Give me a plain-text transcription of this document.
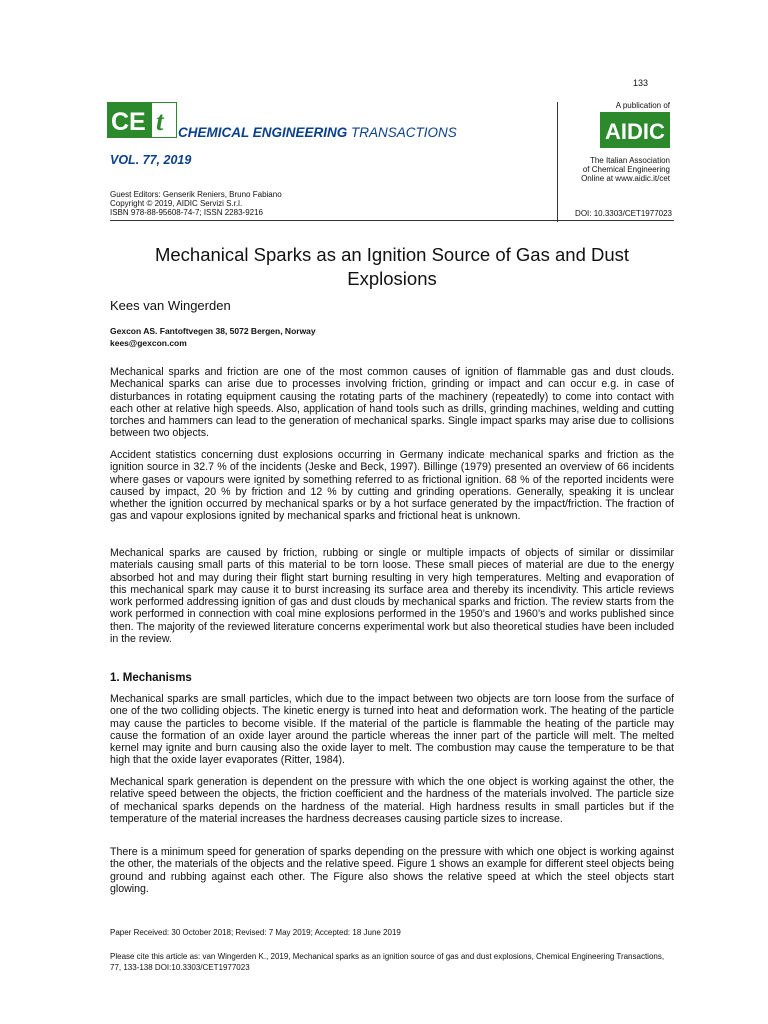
133
CE t CHEMICAL ENGINEERING TRANSACTIONS
VOL. 77, 2019
A publication of
AIDIC
The Italian Association
of Chemical Engineering
Online at www.aidic.it/cet
Guest Editors: Genserik Reniers, Bruno Fabiano
Copyright © 2019, AIDIC Servizi S.r.l.
ISBN 978-88-95608-74-7; ISSN 2283-9216	DOI: 10.3303/CET1977023
Mechanical Sparks as an Ignition Source of Gas and Dust
Explosions
Kees van Wingerden
Gexcon AS. Fantoftvegen 38, 5072 Bergen, Norway
kees@gexcon.com
Mechanical sparks and friction are one of the most common causes of ignition of flammable gas and dust clouds. Mechanical sparks can arise due to processes involving friction, grinding or impact and can occur e.g. in case of disturbances in rotating equipment causing the rotating parts of the machinery (repeatedly) to come into contact with each other at relative high speeds. Also, application of hand tools such as drills, grinding machines, welding and cutting torches and hammers can lead to the generation of mechanical sparks. Single impact sparks may arise due to collisions between two objects.
Accident statistics concerning dust explosions occurring in Germany indicate mechanical sparks and friction as the ignition source in 32.7 % of the incidents (Jeske and Beck, 1997). Billinge (1979) presented an overview of 66 incidents where gases or vapours were ignited by something referred to as frictional ignition. 68 % of the reported incidents were caused by impact, 20 % by friction and 12 % by cutting and grinding operations. Generally, speaking it is unclear whether the ignition occurred by mechanical sparks or by a hot surface generated by the impact/friction. The fraction of gas and vapour explosions ignited by mechanical sparks and frictional heat is unknown.
Mechanical sparks are caused by friction, rubbing or single or multiple impacts of objects of similar or dissimilar materials causing small parts of this material to be torn loose. These small pieces of material are due to the energy absorbed hot and may during their flight start burning resulting in very high temperatures. Melting and evaporation of this mechanical spark may cause it to burst increasing its surface area and thereby its incendivity. This article reviews work performed addressing ignition of gas and dust clouds by mechanical sparks and friction. The review starts from the work performed in connection with coal mine explosions performed in the 1950’s and 1960’s and works published since then. The majority of the reviewed literature concerns experimental work but also theoretical studies have been included in the review.
1. Mechanisms
Mechanical sparks are small particles, which due to the impact between two objects are torn loose from the surface of one of the two colliding objects. The kinetic energy is turned into heat and deformation work. The heating of the particle may cause the particles to become visible. If the material of the particle is flammable the heating of the particle may cause the formation of an oxide layer around the particle whereas the inner part of the particle will melt. The melted kernel may ignite and burn causing also the oxide layer to melt. The combustion may cause the temperature to be that high that the oxide layer evaporates (Ritter, 1984).
Mechanical spark generation is dependent on the pressure with which the one object is working against the other, the relative speed between the objects, the friction coefficient and the hardness of the materials involved. The particle size of mechanical sparks depends on the hardness of the material. High hardness results in small particles but if the temperature of the material increases the hardness decreases causing particle sizes to increase.
There is a minimum speed for generation of sparks depending on the pressure with which one object is working against the other, the materials of the objects and the relative speed. Figure 1 shows an example for different steel objects being ground and rubbing against each other. The Figure also shows the relative speed at which the steel objects start glowing.
Paper Received: 30 October 2018; Revised: 7 May 2019; Accepted: 18 June 2019
Please cite this article as: van Wingerden K., 2019, Mechanical sparks as an ignition source of gas and dust explosions, Chemical Engineering Transactions, 77, 133-138 DOI:10.3303/CET1977023
